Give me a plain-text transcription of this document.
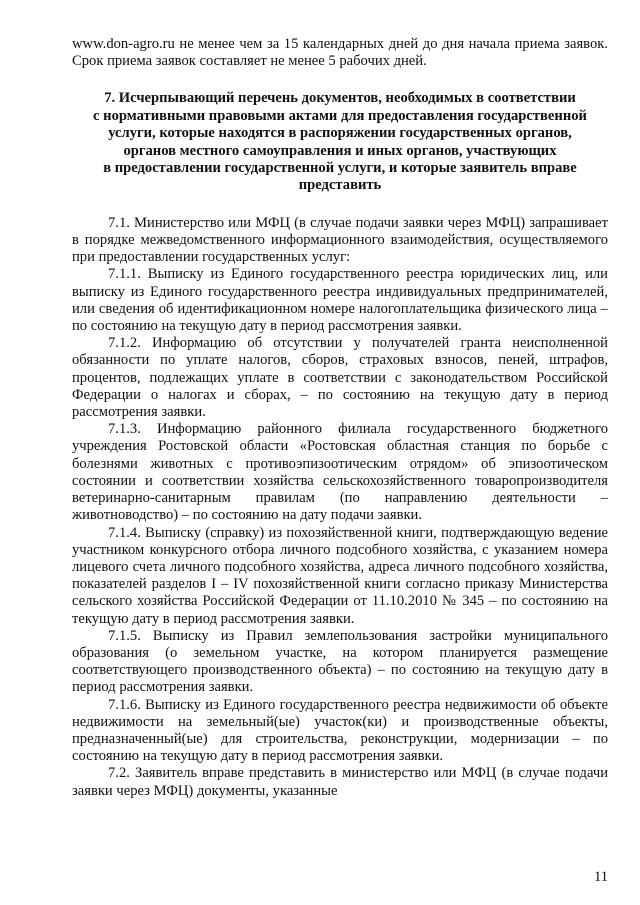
www.don-agro.ru не менее чем за 15 календарных дней до дня начала приема заявок. Срок приема заявок составляет не менее 5 рабочих дней.

7. Исчерпывающий перечень документов, необходимых в соответствии
с нормативными правовыми актами для предоставления государственной
услуги, которые находятся в распоряжении государственных органов,
органов местного самоуправления и иных органов, участвующих
в предоставлении государственной услуги, и которые заявитель вправе
представить

7.1. Министерство или МФЦ (в случае подачи заявки через МФЦ) запрашивает в порядке межведомственного информационного взаимодействия, осуществляемого при предоставлении государственных услуг:

7.1.1. Выписку из Единого государственного реестра юридических лиц, или выписку из Единого государственного реестра индивидуальных предпринимателей, или сведения об идентификационном номере налогоплательщика физического лица – по состоянию на текущую дату в период рассмотрения заявки.

7.1.2. Информацию об отсутствии у получателей гранта неисполненной обязанности по уплате налогов, сборов, страховых взносов, пеней, штрафов, процентов, подлежащих уплате в соответствии с законодательством Российской Федерации о налогах и сборах, – по состоянию на текущую дату в период рассмотрения заявки.

7.1.3. Информацию районного филиала государственного бюджетного учреждения Ростовской области «Ростовская областная станция по борьбе с болезнями животных с противоэпизоотическим отрядом» об эпизоотическом состоянии и соответствии хозяйства сельскохозяйственного товаропроизводителя ветеринарно-санитарным правилам (по направлению деятельности – животноводство) – по состоянию на дату подачи заявки.

7.1.4. Выписку (справку) из похозяйственной книги, подтверждающую ведение участником конкурсного отбора личного подсобного хозяйства, с указанием номера лицевого счета личного подсобного хозяйства, адреса личного подсобного хозяйства, показателей разделов I – IV похозяйственной книги согласно приказу Министерства сельского хозяйства Российской Федерации от 11.10.2010 № 345 – по состоянию на текущую дату в период рассмотрения заявки.

7.1.5. Выписку из Правил землепользования застройки муниципального образования (о земельном участке, на котором планируется размещение соответствующего производственного объекта) – по состоянию на текущую дату в период рассмотрения заявки.

7.1.6. Выписку из Единого государственного реестра недвижимости об объекте недвижимости на земельный(ые) участок(ки) и производственные объекты, предназначенный(ые) для строительства, реконструкции, модернизации – по состоянию на текущую дату в период рассмотрения заявки.

7.2. Заявитель вправе представить в министерство или МФЦ (в случае подачи заявки через МФЦ) документы, указанные

11
